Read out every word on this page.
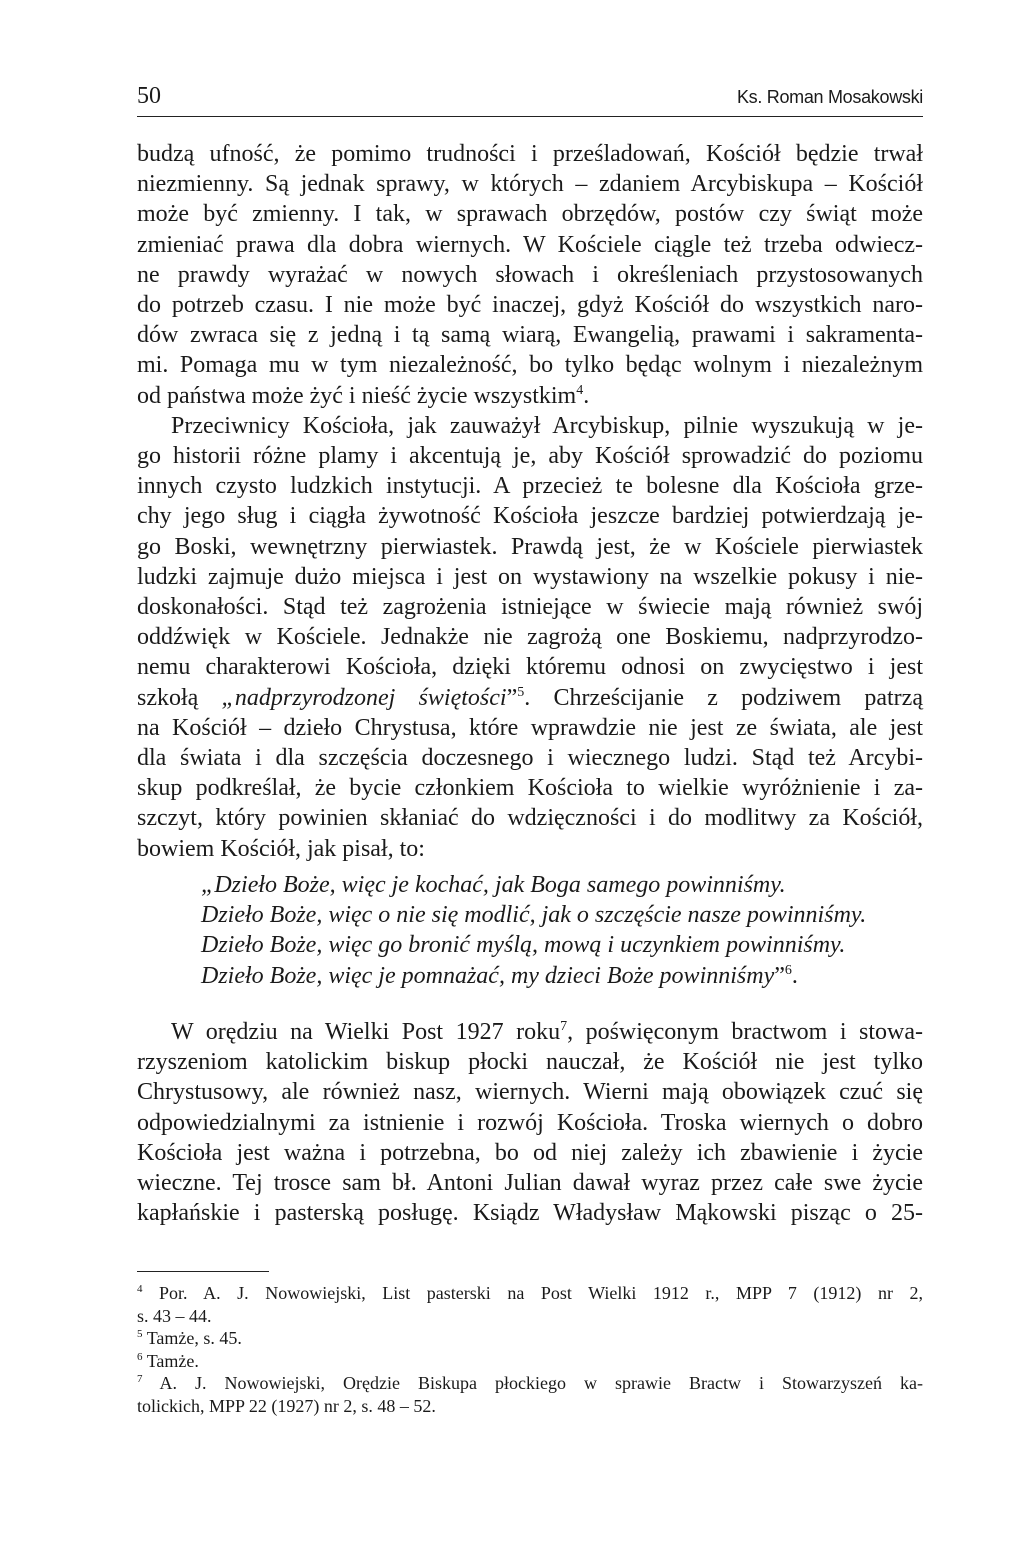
50	Ks. Roman Mosakowski

budzą ufność, że pomimo trudności i prześladowań, Kościół będzie trwał
niezmienny. Są jednak sprawy, w których – zdaniem Arcybiskupa – Kościół
może być zmienny. I tak, w sprawach obrzędów, postów czy świąt może
zmieniać prawa dla dobra wiernych. W Kościele ciągle też trzeba odwiecz-
ne prawdy wyrażać w nowych słowach i określeniach przystosowanych
do potrzeb czasu. I nie może być inaczej, gdyż Kościół do wszystkich naro-
dów zwraca się z jedną i tą samą wiarą, Ewangelią, prawami i sakramenta-
mi. Pomaga mu w tym niezależność, bo tylko będąc wolnym i niezależnym
od państwa może żyć i nieść życie wszystkim$^4$.

Przeciwnicy Kościoła, jak zauważył Arcybiskup, pilnie wyszukują w je-
go historii różne plamy i akcentują je, aby Kościół sprowadzić do poziomu
innych czysto ludzkich instytucji. A przecież te bolesne dla Kościoła grze-
chy jego sług i ciągła żywotność Kościoła jeszcze bardziej potwierdzają je-
go Boski, wewnętrzny pierwiastek. Prawdą jest, że w Kościele pierwiastek
ludzki zajmuje dużo miejsca i jest on wystawiony na wszelkie pokusy i nie-
doskonałości. Stąd też zagrożenia istniejące w świecie mają również swój
oddźwięk w Kościele. Jednakże nie zagrożą one Boskiemu, nadprzyrodzo-
nemu charakterowi Kościoła, dzięki któremu odnosi on zwycięstwo i jest
szkołą „nadprzyrodzonej świętości”$^5$. Chrześcijanie z podziwem patrzą
na Kościół – dzieło Chrystusa, które wprawdzie nie jest ze świata, ale jest
dla świata i dla szczęścia doczesnego i wiecznego ludzi. Stąd też Arcybi-
skup podkreślał, że bycie członkiem Kościoła to wielkie wyróżnienie i za-
szczyt, który powinien skłaniać do wdzięczności i do modlitwy za Kościół,
bowiem Kościół, jak pisał, to:

„Dzieło Boże, więc je kochać, jak Boga samego powinniśmy.
Dzieło Boże, więc o nie się modlić, jak o szczęście nasze powinniśmy.
Dzieło Boże, więc go bronić myślą, mową i uczynkiem powinniśmy.
Dzieło Boże, więc je pomnażać, my dzieci Boże powinniśmy”$^6$.

W orędziu na Wielki Post 1927 roku$^7$, poświęconym bractwom i stowa-
rzyszeniom katolickim biskup płocki nauczał, że Kościół nie jest tylko
Chrystusowy, ale również nasz, wiernych. Wierni mają obowiązek czuć się
odpowiedzialnymi za istnienie i rozwój Kościoła. Troska wiernych o dobro
Kościoła jest ważna i potrzebna, bo od niej zależy ich zbawienie i życie
wieczne. Tej trosce sam bł. Antoni Julian dawał wyraz przez całe swe życie
kapłańskie i pasterską posługę. Ksiądz Władysław Mąkowski pisząc o 25-

$^4$ Por. A. J. Nowowiejski, List pasterski na Post Wielki 1912 r., MPP 7 (1912) nr 2,
s. 43 – 44.
$^5$ Tamże, s. 45.
$^6$ Tamże.
$^7$ A. J. Nowowiejski, Orędzie Biskupa płockiego w sprawie Bractw i Stowarzyszeń ka-
tolickich, MPP 22 (1927) nr 2, s. 48 – 52.
